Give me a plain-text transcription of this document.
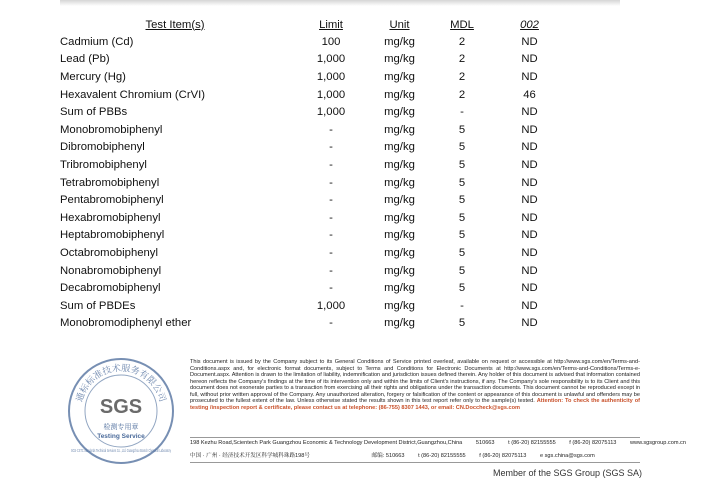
Test Item(s)	Limit	Unit	MDL	002
Cadmium (Cd)	100	mg/kg	2	ND
Lead (Pb)	1,000	mg/kg	2	ND
Mercury (Hg)	1,000	mg/kg	2	ND
Hexavalent Chromium (CrVI)	1,000	mg/kg	2	46
Sum of PBBs	1,000	mg/kg	-	ND
Monobromobiphenyl	-	mg/kg	5	ND
Dibromobiphenyl	-	mg/kg	5	ND
Tribromobiphenyl	-	mg/kg	5	ND
Tetrabromobiphenyl	-	mg/kg	5	ND
Pentabromobiphenyl	-	mg/kg	5	ND
Hexabromobiphenyl	-	mg/kg	5	ND
Heptabromobiphenyl	-	mg/kg	5	ND
Octabromobiphenyl	-	mg/kg	5	ND
Nonabromobiphenyl	-	mg/kg	5	ND
Decabromobiphenyl	-	mg/kg	5	ND
Sum of PBDEs	1,000	mg/kg	-	ND
Monobromodiphenyl ether	-	mg/kg	5	ND
通标标准技术服务有限公司
SGS
检测专用章
Testing Service
SGS-CSTC Standards Technical Services Co., Ltd. Guangzhou Branch Chemical Laboratory
This document is issued by the Company subject to its General Conditions of Service printed overleaf, available on request or accessible at http://www.sgs.com/en/Terms-and-Conditions.aspx and, for electronic format documents, subject to Terms and Conditions for Electronic Documents at http://www.sgs.com/en/Terms-and-Conditions/Terms-e-Document.aspx. Attention is drawn to the limitation of liability, indemnification and jurisdiction issues defined therein. Any holder of this document is advised that information contained hereon reflects the Company's findings at the time of its intervention only and within the limits of Client's instructions, if any. The Company's sole responsibility is to its Client and this document does not exonerate parties to a transaction from exercising all their rights and obligations under the transaction documents. This document cannot be reproduced except in full, without prior written approval of the Company. Any unauthorized alteration, forgery or falsification of the content or appearance of this document is unlawful and offenders may be prosecuted to the fullest extent of the law. Unless otherwise stated the results shown in this test report refer only to the sample(s) tested. Attention: To check the authenticity of testing /inspection report & certificate, please contact us at telephone: (86-755) 8307 1443, or email: CN.Doccheck@sgs.com
198 Kezhu Road,Scientech Park Guangzhou Economic & Technology Development District,Guangzhou,China 510663 t (86-20) 82155555 f (86-20) 82075113 www.sgsgroup.com.cn
中国 · 广州 · 经济技术开发区科学城科珠路198号	邮编: 510663 t (86-20) 82155555 f (86-20) 82075113 e sgs.china@sgs.com
Member of the SGS Group (SGS SA)
